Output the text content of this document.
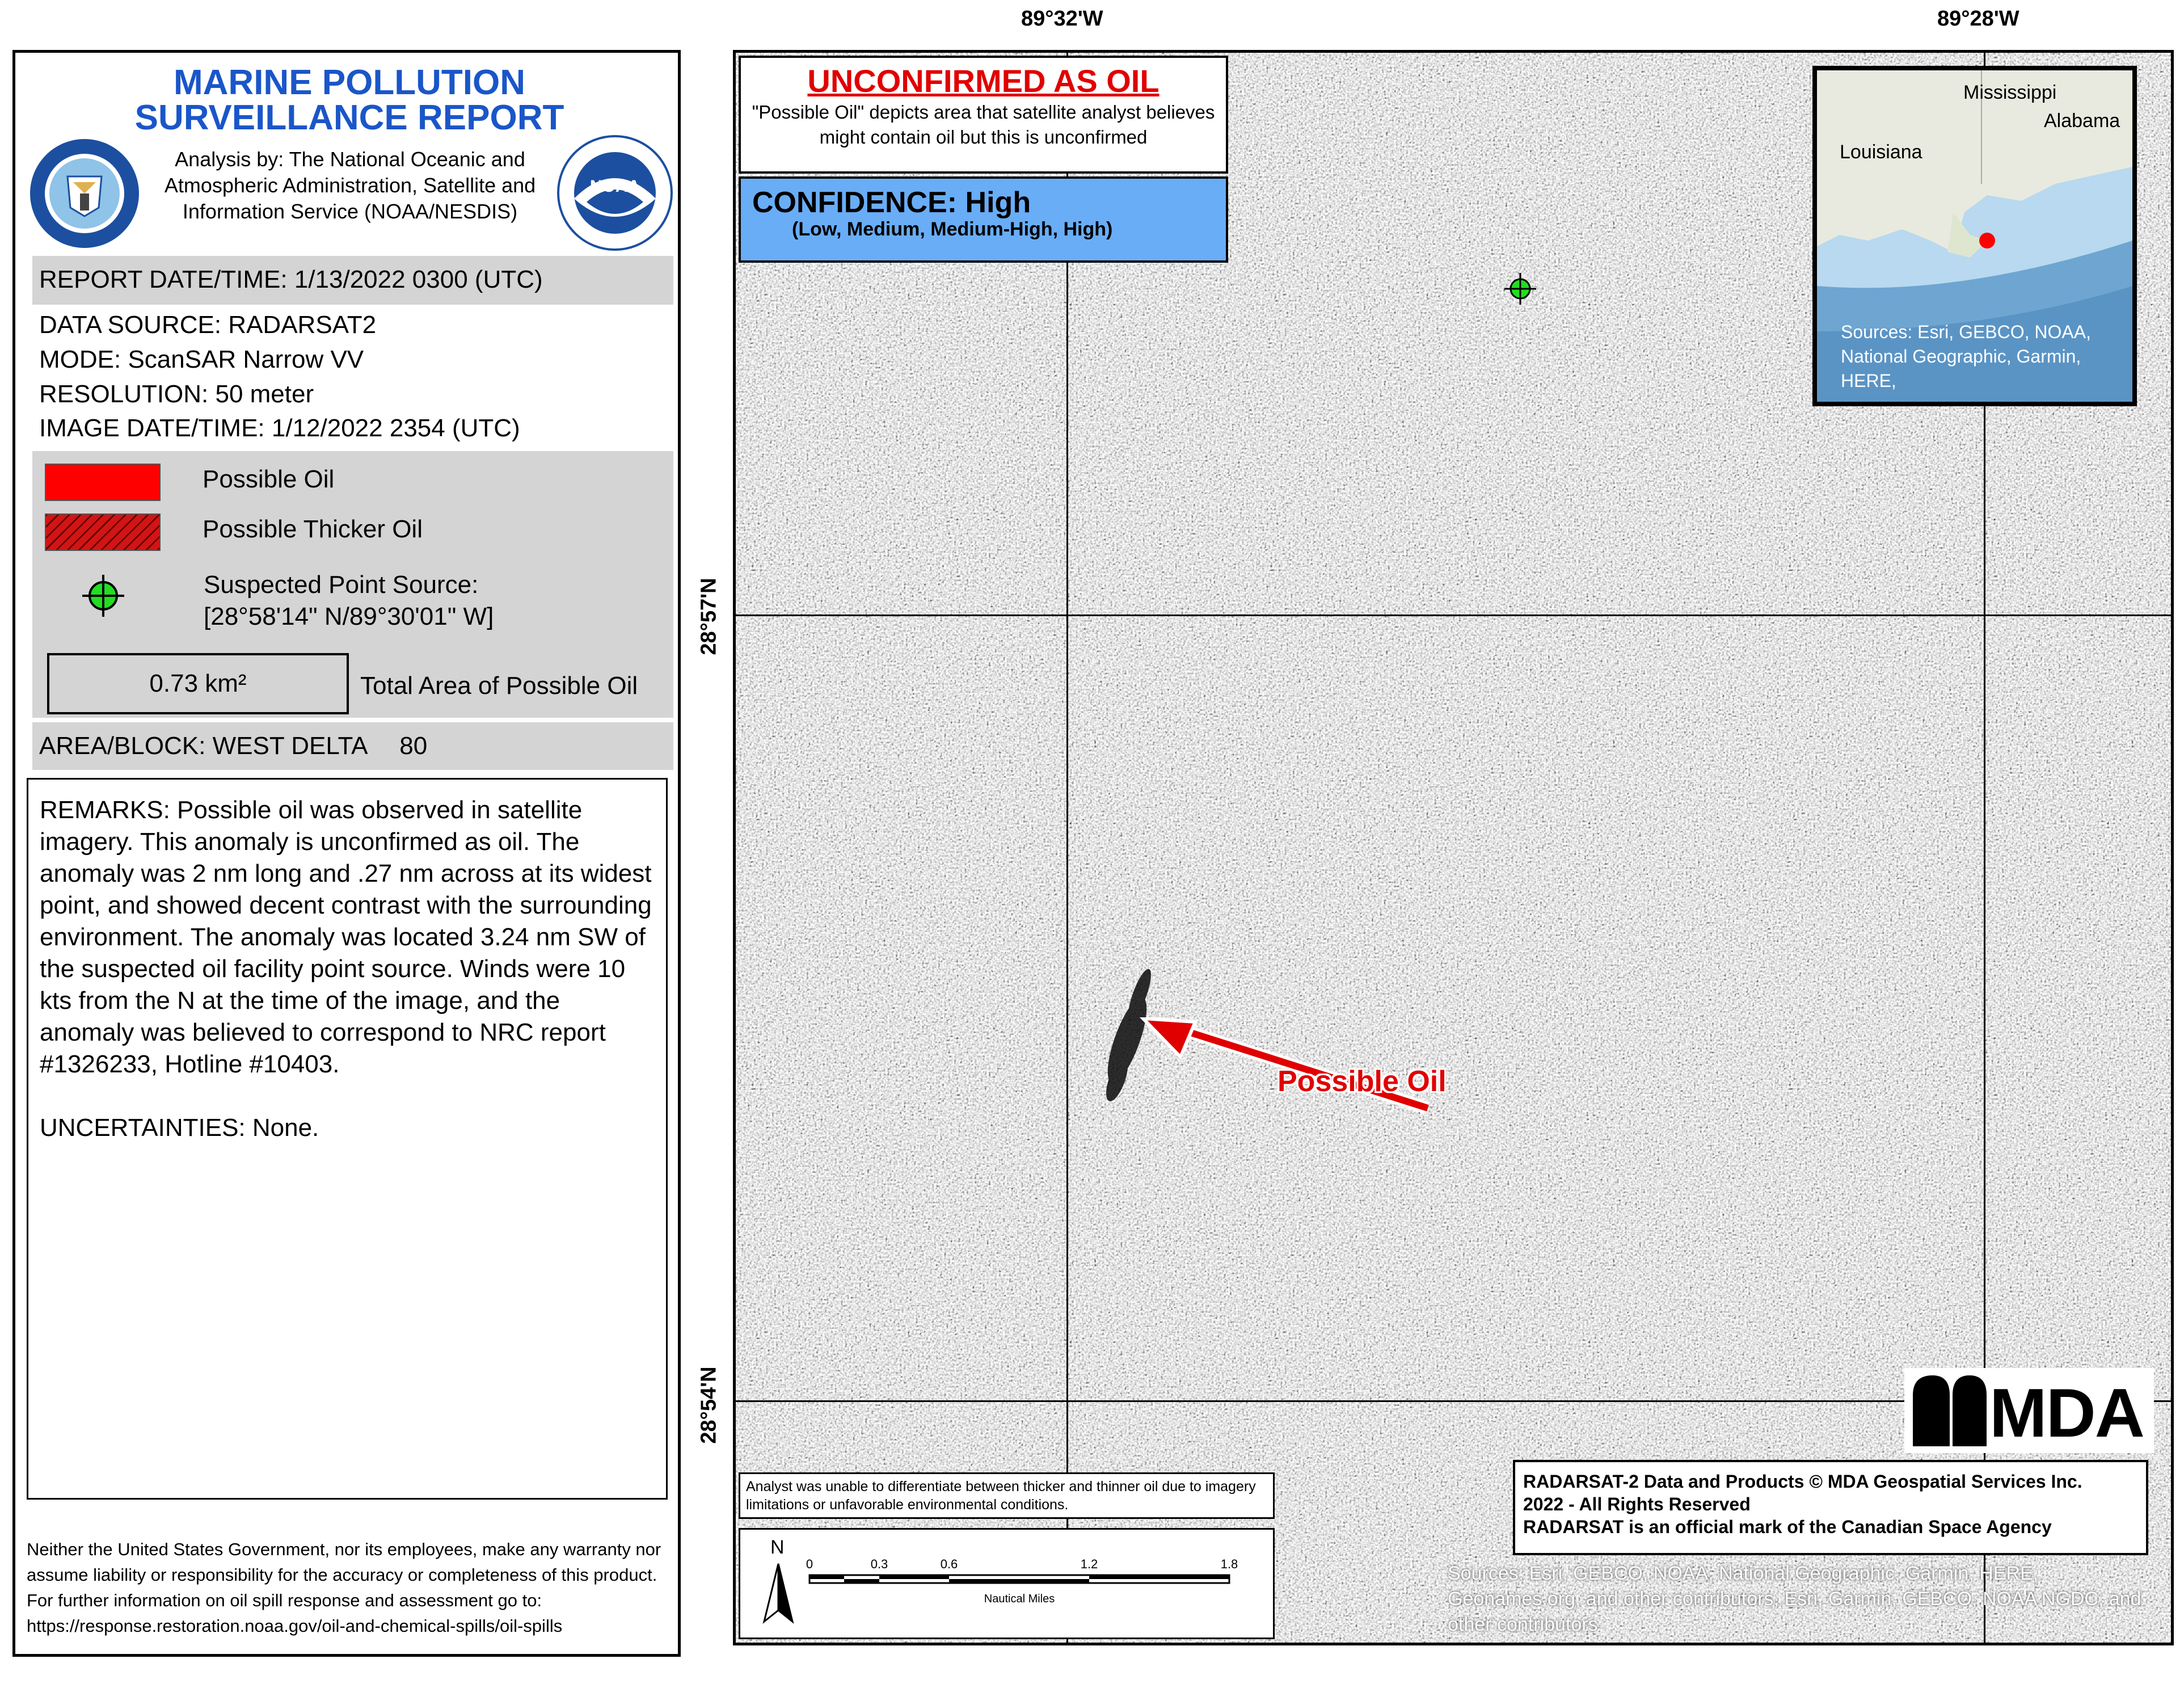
MARINE POLLUTION
SURVEILLANCE REPORT
Analysis by: The National Oceanic and Atmospheric Administration, Satellite and Information Service (NOAA/NESDIS)
NOAA
REPORT DATE/TIME: 1/13/2022 0300 (UTC)
DATA SOURCE: RADARSAT2
MODE: ScanSAR Narrow VV
RESOLUTION: 50 meter
IMAGE DATE/TIME: 1/12/2022 2354 (UTC)
Possible Oil
Possible Thicker Oil
Suspected Point Source:
[28°58'14" N/89°30'01" W]
0.73 km²	Total Area of Possible Oil
AREA/BLOCK: WEST DELTA 80

REMARKS: Possible oil was observed in satellite imagery. This anomaly is unconfirmed as oil. The anomaly was 2 nm long and .27 nm across at its widest point, and showed decent contrast with the surrounding environment. The anomaly was located 3.24 nm SW of the suspected oil facility point source. Winds were 10 kts from the N at the time of the image, and the anomaly was believed to correspond to NRC report #1326233, Hotline #10403.

UNCERTAINTIES: None.

Neither the United States Government, nor its employees, make any warranty nor assume liability or responsibility for the accuracy or completeness of this product.
For further information on oil spill response and assessment go to:
https://response.restoration.noaa.gov/oil-and-chemical-spills/oil-spills
89°32'W	89°28'W
28°57'N
28°54'N
UNCONFIRMED AS OIL
"Possible Oil" depicts area that satellite analyst believes might contain oil but this is unconfirmed
CONFIDENCE: High
(Low, Medium, Medium-High, High)
Possible Oil
Mississippi
Alabama
Louisiana
Sources: Esri, GEBCO, NOAA, National Geographic, Garmin, HERE,
MDA
RADARSAT-2 Data and Products © MDA Geospatial Services Inc.
2022 - All Rights Reserved
RADARSAT is an official mark of the Canadian Space Agency
Analyst was unable to differentiate between thicker and thinner oil due to imagery limitations or unfavorable environmental conditions.
N
0	0.3	0.6	1.2	1.8
Nautical Miles
Sources: Esri, GEBCO, NOAA, National Geographic, Garmin, HERE, Geonames.org, and other contributors, Esri, Garmin, GEBCO, NOAA NGDC, and other contributors
